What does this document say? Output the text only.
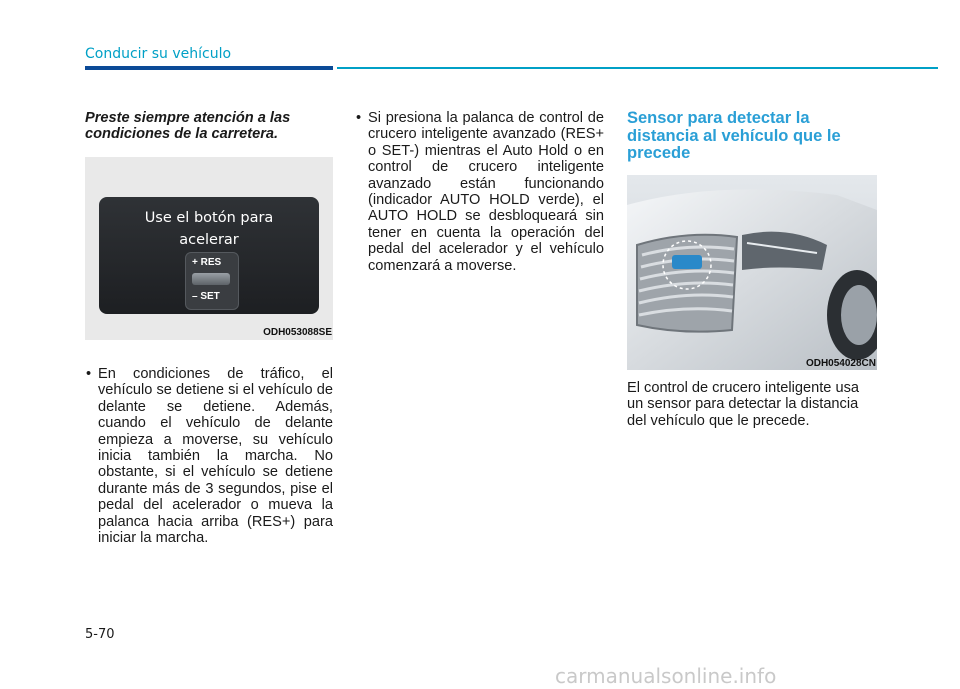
Conducir su vehículo

Preste siempre atención a las condiciones de la carretera.

Use el botón para
acelerar
+ RES
– SET
ODH053088SE

• En condiciones de tráfico, el vehículo se detiene si el vehículo de delante se detiene. Además, cuando el vehículo de delante empieza a moverse, su vehículo inicia también la marcha. No obstante, si el vehículo se detiene durante más de 3 segundos, pise el pedal del acelerador o mueva la palanca hacia arriba (RES+) para iniciar la marcha.

• Si presiona la palanca de control de crucero inteligente avanzado (RES+ o SET-) mientras el Auto Hold o en control de crucero inteligente avanzado están funcionando (indicador AUTO HOLD verde), el AUTO HOLD se desbloqueará sin tener en cuenta la operación del pedal del acelerador y el vehículo comenzará a moverse.

Sensor para detectar la distancia al vehículo que le precede

ODH054028CN

El control de crucero inteligente usa un sensor para detectar la distancia del vehículo que le precede.

5-70
carmanualsonline.info
